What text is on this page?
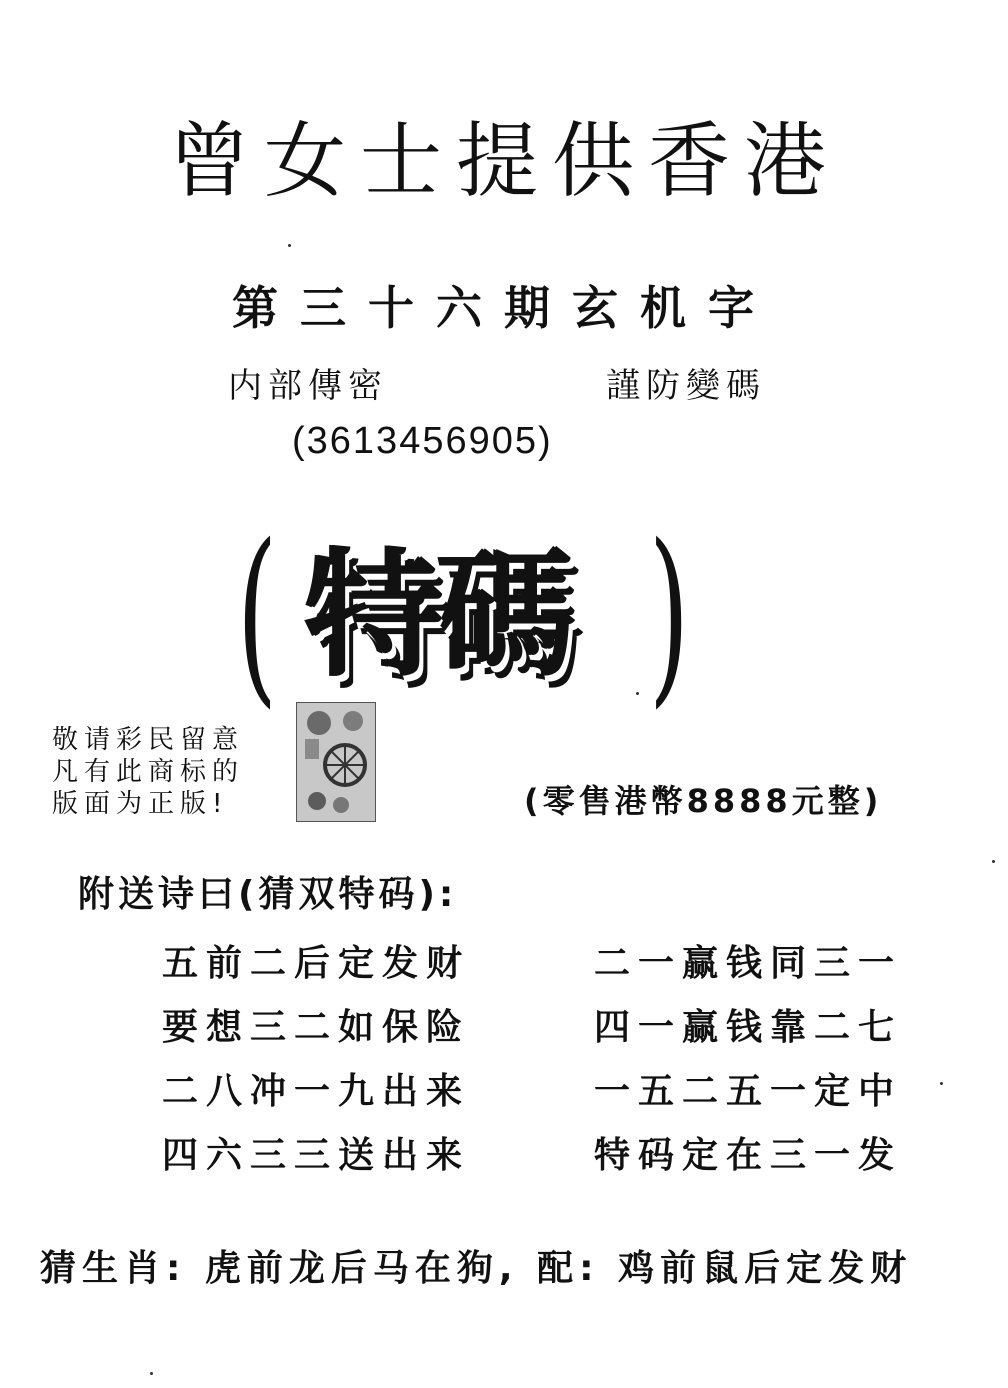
曾女士提供香港
第三十六期玄机字
内部傳密	謹防變碼
(3613456905)
( 特碼 )
敬请彩民留意
凡有此商标的
版面为正版!	(零售港幣8888元整)
附送诗曰(猜双特码):
五前二后定发财	二一赢钱同三一
要想三二如保险	四一赢钱靠二七
二八冲一九出来	一五二五一定中
四六三三送出来	特码定在三一发
猜生肖: 虎前龙后马在狗, 配: 鸡前鼠后定发财
